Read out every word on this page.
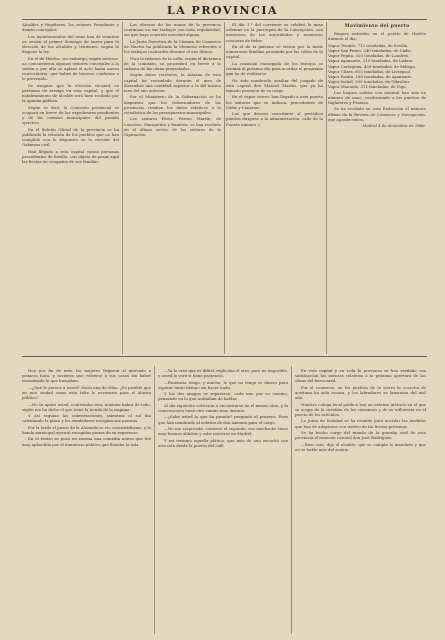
LA PROVINCIA

Alcaldes y Regidores, los señores Presidente y demás concejales.

Los Ayuntamientos del reino han de reunirse en sesión el primer domingo de enero para la elección de los alcaldes y tenientes, según lo dispone la ley.

En el de Huelva, sin embargo, según noticias, no concurrieron algunos señores concejales a la sesión y por ello se aplazó el acto hasta nueva convocatoria, que habrá de hacerse conforme a lo prevenido.

Se asegura que la elección recaerá en personas de arraigo en esta capital, y que el nombramiento de alcalde será bien recibido por la opinión pública.

Según se dice, la Comisión provincial se ocupará en breve de los expedientes pendientes y de las cuentas municipales del pasado ejercicio.

En el Boletín Oficial de la provincia se ha publicado la relación de los pueblos que no han cumplido con lo dispuesto en la circular del Gobierno civil.

Han llegado a esta capital varias personas procedentes de Sevilla, con objeto de pasar aquí las fiestas en compañía de sus familias.

Los obreros de las minas de la provincia continúan en sus trabajos con toda regularidad, sin que haya ocurrido novedad alguna.

La Junta Directiva de la Cámara de Comercio de Huelva ha publicado la Memoria referente a los trabajos realizados durante el año último.

Para la reforma de la calle, según el dictamen de la comisión, se procederá en breve a la subasta de las obras proyectadas.

Según datos recibidos, la Aduana de esta capital ha recaudado durante el mes de diciembre una cantidad superior a la del mismo mes del año anterior.

Por el Ministerio de la Gobernación se ha dispuesto que los Gobernadores de las provincias remitan los datos relativos a la estadística de los presupuestos municipales.

Los señores Pérez, Ferrer, Martín, de Lascotos, Marquetito y Ramírez, se han recibido en el último sorteo de los señores de la Diputación.

El día 1.º del corriente se celebró la misa solemne en la parroquia de la Concepción, con asistencia de las autoridades y numeroso concurso de fieles.

En el de la patrona se vieron por la tarde numerosas familias paseando por las calles de la capital.

La comisión encargada de los festejos se reunirá el próximo día para acordar el programa que ha de realizarse.

Ha sido nombrado auxiliar del juzgado de esta capital don Manuel Martín, que ya ha tomado posesión de su cargo.

En el vapor correo han llegado a este puerto los señores que se indican, procedentes de Cádiz y Canarias.

Los que deseen suscribirse al periódico pueden dirigirse a la administración, calle de la Fuente número 2.

Movimiento del puerto

Buques entrados en el puerto de Huelva durante el día:

Vapor Triunfo, 712 toneladas, de Sevilla.
Vapor San Pedro, 540 toneladas, de Cádiz.
Vapor Pepita, 320 toneladas, de Londres.
Vapor Ayamonte, 210 toneladas, de Lisboa.
Vapor Cartagena, 430 toneladas, de Málaga.
Vapor Ulises, 615 toneladas, de Liverpool.
Vapor Rosita, 180 toneladas, de Ayamonte.
Vapor Isabel, 295 toneladas, de Gibraltar.
Vapor Manuela, 311 toneladas, de Vigo.

Los buques salidos con mineral han sido en número de once, conduciendo a los puertos de Inglaterra y Francia.

Se ha recibido en esta Redacción el número último de la Revista de Comercio y Navegación, que agradecemos.

Madrid 4 de diciembre de 1888.

Hoy por fin de mes, las mujeres llegaron al mercado a primera hora, y tuvieron que volverse a sus casas sin haber encontrado lo que buscaban.

—¿Qué le parece a usted? decía una de ellas. ¿Es posible que en una ciudad como esta falte lo necesario para el abasto público?

—No se apure usted, contestaba otra; mañana habrá de todo, según me ha dicho el que tiene la tienda de la esquina.

Y así seguían las conversaciones, mientras el sol iba calentando la plaza y los vendedores recogían sus puestos.

Por la tarde el paseo de la Alameda se vio concurridísimo, y la banda municipal ejecutó escogidas piezas de su repertorio.

En el teatro se puso en escena una comedia nueva que fue muy aplaudida por el numeroso público que llenaba la sala.

—Ya lo creo que es difícil, replicaba el otro; pero no imposible, y usted lo verá si tiene paciencia.

—Paciencia tengo, y mucha; lo que no tengo es dinero para esperar tanto tiempo sin hacer nada.

Y los dos amigos se separaron, cada uno por su camino, pensando en lo que acababan de hablar.

Al día siguiente volvieron a encontrarse en el mismo sitio, y la conversación tomó otro rumbo muy distinto.

—¿Sabe usted lo que ha pasado? preguntó el primero. Pues que han nombrado al sobrino de don Antonio para el cargo.

—No me sorprende, contestó el segundo; ese muchacho tiene muy buenas aldabas y sabe moverse en Madrid.

Y así terminó aquella plática, que más de uno escuchó con atención desde la puerta del café.

En esta capital y en toda la provincia se han recibido con satisfacción las noticias relativas a la próxima apertura de las obras del ferrocarril.

Por el contrario, en los pueblos de la sierra la cosecha de aceituna ha sido escasa, y los labradores se lamentan del mal año.

Nuestro colega local publica hoy un extenso artículo en el que se ocupa de la cuestión de los consumos y de su influencia en el precio de los artículos.

La Junta de Sanidad se ha reunido para acordar las medidas que han de adoptarse con motivo de las fiestas próximas.

Se ha hecho cargo del mando de la guardia civil de esta provincia el teniente coronel don José Rodríguez.

—Bien está, dijo el alcalde; que se cumpla lo mandado y que no se hable más del asunto.
